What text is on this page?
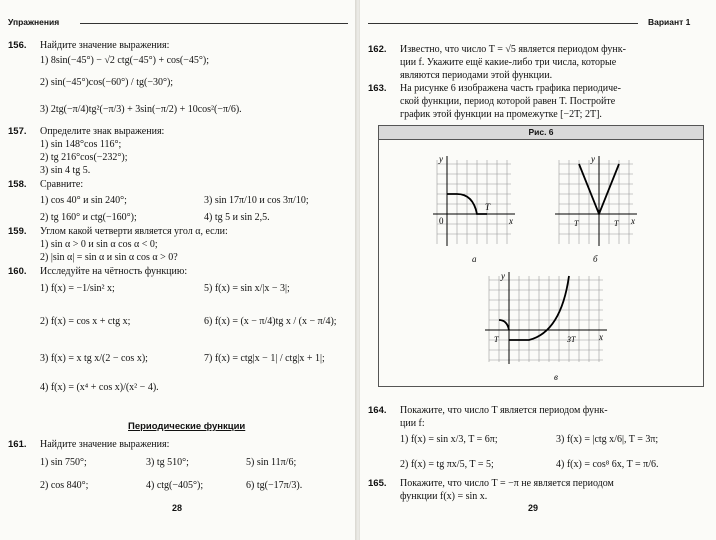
Упражнения
156. Найдите значение выражения:
1) 8sin(−45°) − √2 ctg(−45°) + cos(−45°);
2) sin(−45°)cos(−60°) / tg(−30°);
3) 2tg(−π/4)tg²(−π/3) + 3sin(−π/2) + 10cos²(−π/6).
157. Определите знак выражения:
1) sin 148°cos 116°;
2) tg 216°cos(−232°);
3) sin 4 tg 5.
158. Сравните:
1) cos 40° и sin 240°;	3) sin 17π/10 и cos 3π/10;
2) tg 160° и ctg(−160°);	4) tg 5 и sin 2,5.
159. Углом какой четверти является угол α, если:
1) sin α > 0 и sin α cos α < 0;
2) |sin α| = sin α и sin α cos α > 0?
160. Исследуйте на чётность функцию:
1) f(x) = −1/sin² x;	5) f(x) = sin x/|x − 3|;
2) f(x) = cos x + ctg x;	6) f(x) = (x − π/4)tg x / (x − π/4);
3) f(x) = x tg x/(2 − cos x);	7) f(x) = ctg|x − 1| / ctg|x + 1|;
4) f(x) = (x⁴ + cos x)/(x² − 4).
Периодические функции
161. Найдите значение выражения:
1) sin 750°;	3) tg 510°;	5) sin 11π/6;
2) cos 840°;	4) ctg(−405°);	6) tg(−17π/3).
28
Вариант 1
162. Известно, что число T = √5 является периодом функ-
ции f. Укажите ещё какие-либо три числа, которые
являются периодами этой функции.
163. На рисунке 6 изображена часть графика периодиче-
ской функции, период которой равен T. Постройте
график этой функции на промежутке [−2T; 2T].
Рис. 6
y
x
0
T
а
y
x
T	T
б
y
x
T	3T
в
164. Покажите, что число T является периодом функ-
ции f:
1) f(x) = sin x/3, T = 6π;	3) f(x) = |ctg x/6|, T = 3π;
2) f(x) = tg πx/5, T = 5;	4) f(x) = cos⁸ 6x, T = π/6.
165. Покажите, что число T = −π не является периодом
функции f(x) = sin x.
29
